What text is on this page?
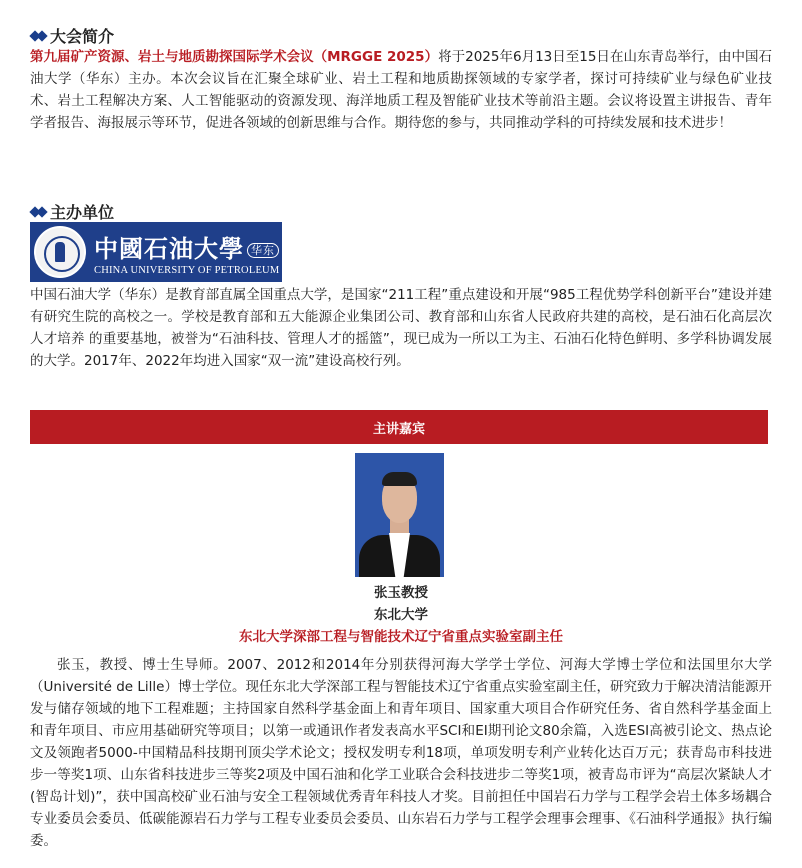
大会简介
第九届矿产资源、岩土与地质勘探国际学术会议（MRGGE 2025）将于2025年6月13日至15日在山东青岛举行，由中国石油大学（华东）主办。本次会议旨在汇聚全球矿业、岩土工程和地质勘探领域的专家学者，探讨可持续矿业与绿色矿业技术、岩土工程解决方案、人工智能驱动的资源发现、海洋地质工程及智能矿业技术等前沿主题。会议将设置主讲报告、青年学者报告、海报展示等环节，促进各领域的创新思维与合作。期待您的参与，共同推动学科的可持续发展和技术进步！
主办单位
中國石油大學 华东
CHINA UNIVERSITY OF PETROLEUM
中国石油大学（华东）是教育部直属全国重点大学，是国家“211工程”重点建设和开展“985工程优势学科创新平台”建设并建有研究生院的高校之一。学校是教育部和五大能源企业集团公司、教育部和山东省人民政府共建的高校，是石油石化高层次人才培养 的重要基地，被誉为“石油科技、管理人才的摇篮”，现已成为一所以工为主、石油石化特色鲜明、多学科协调发展的大学。2017年、2022年均进入国家“双一流”建设高校行列。
主讲嘉宾
张玉教授
东北大学
东北大学深部工程与智能技术辽宁省重点实验室副主任
张玉，教授、博士生导师。2007、2012和2014年分别获得河海大学学士学位、河海大学博士学位和法国里尔大学（Université de Lille）博士学位。现任东北大学深部工程与智能技术辽宁省重点实验室副主任，研究致力于解决清洁能源开发与储存领域的地下工程难题；主持国家自然科学基金面上和青年项目、国家重大项目合作研究任务、省自然科学基金面上和青年项目、市应用基础研究等项目；以第一或通讯作者发表高水平SCI和EI期刊论文80余篇，入选ESI高被引论文、热点论文及领跑者5000-中国精品科技期刊顶尖学术论文；授权发明专利18项，单项发明专利产业转化达百万元；获青岛市科技进步一等奖1项、山东省科技进步三等奖2项及中国石油和化学工业联合会科技进步二等奖1项，被青岛市评为“高层次紧缺人才(智岛计划)”，获中国高校矿业石油与安全工程领域优秀青年科技人才奖。目前担任中国岩石力学与工程学会岩土体多场耦合专业委员会委员、低碳能源岩石力学与工程专业委员会委员、山东岩石力学与工程学会理事会理事、《石油科学通报》执行编委。
